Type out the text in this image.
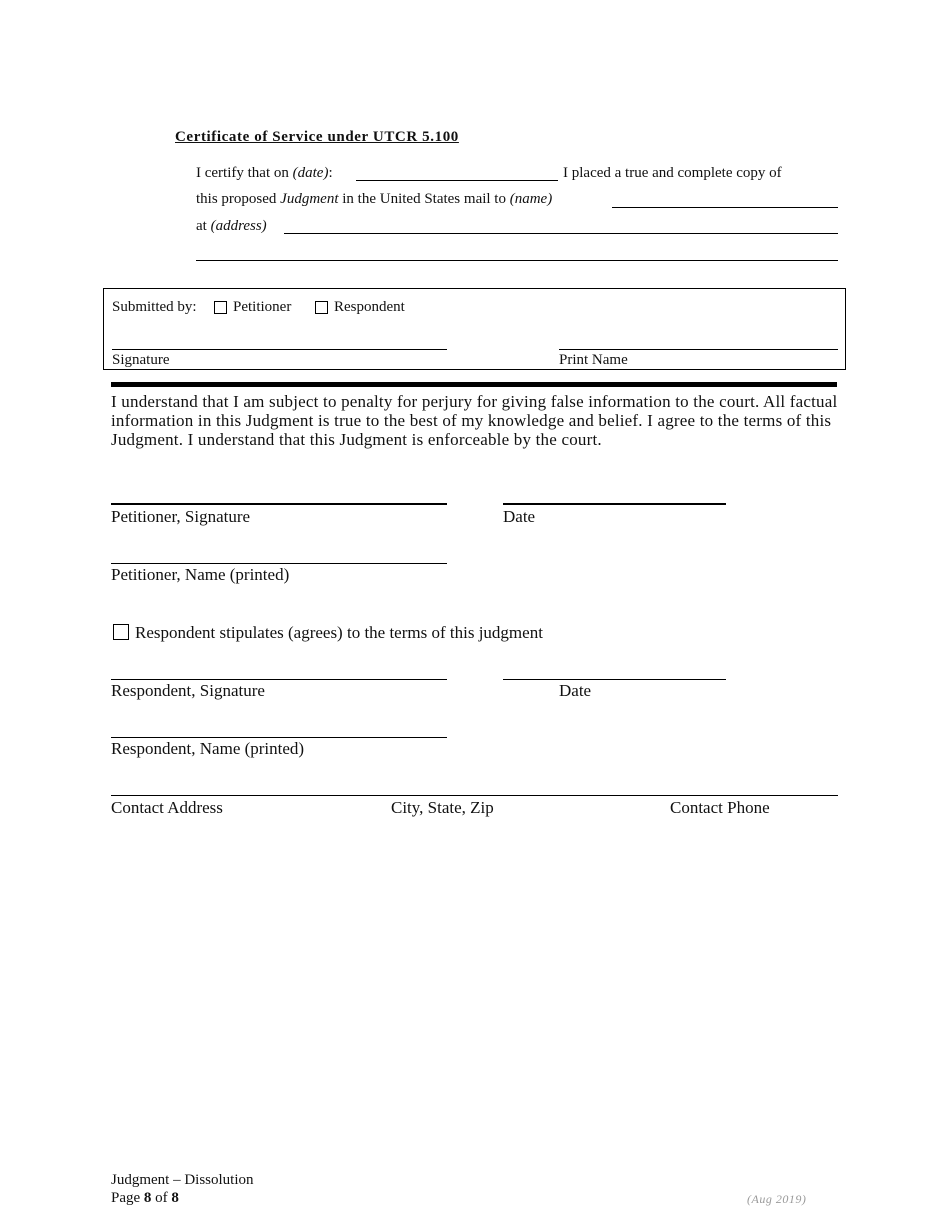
Certificate of Service under UTCR 5.100
I certify that on (date):	I placed a true and complete copy of
this proposed Judgment in the United States mail to (name)
at (address)
Submitted by: Petitioner	Respondent
Signature	Print Name
I understand that I am subject to penalty for perjury for giving false information to the court. All factual information in this Judgment is true to the best of my knowledge and belief. I agree to the terms of this Judgment. I understand that this Judgment is enforceable by the court.
Petitioner, Signature	Date
Petitioner, Name (printed)
Respondent stipulates (agrees) to the terms of this judgment
Respondent, Signature	Date
Respondent, Name (printed)
Contact Address	City, State, Zip	Contact Phone
Judgment – Dissolution
Page 8 of 8	(Aug 2019)
